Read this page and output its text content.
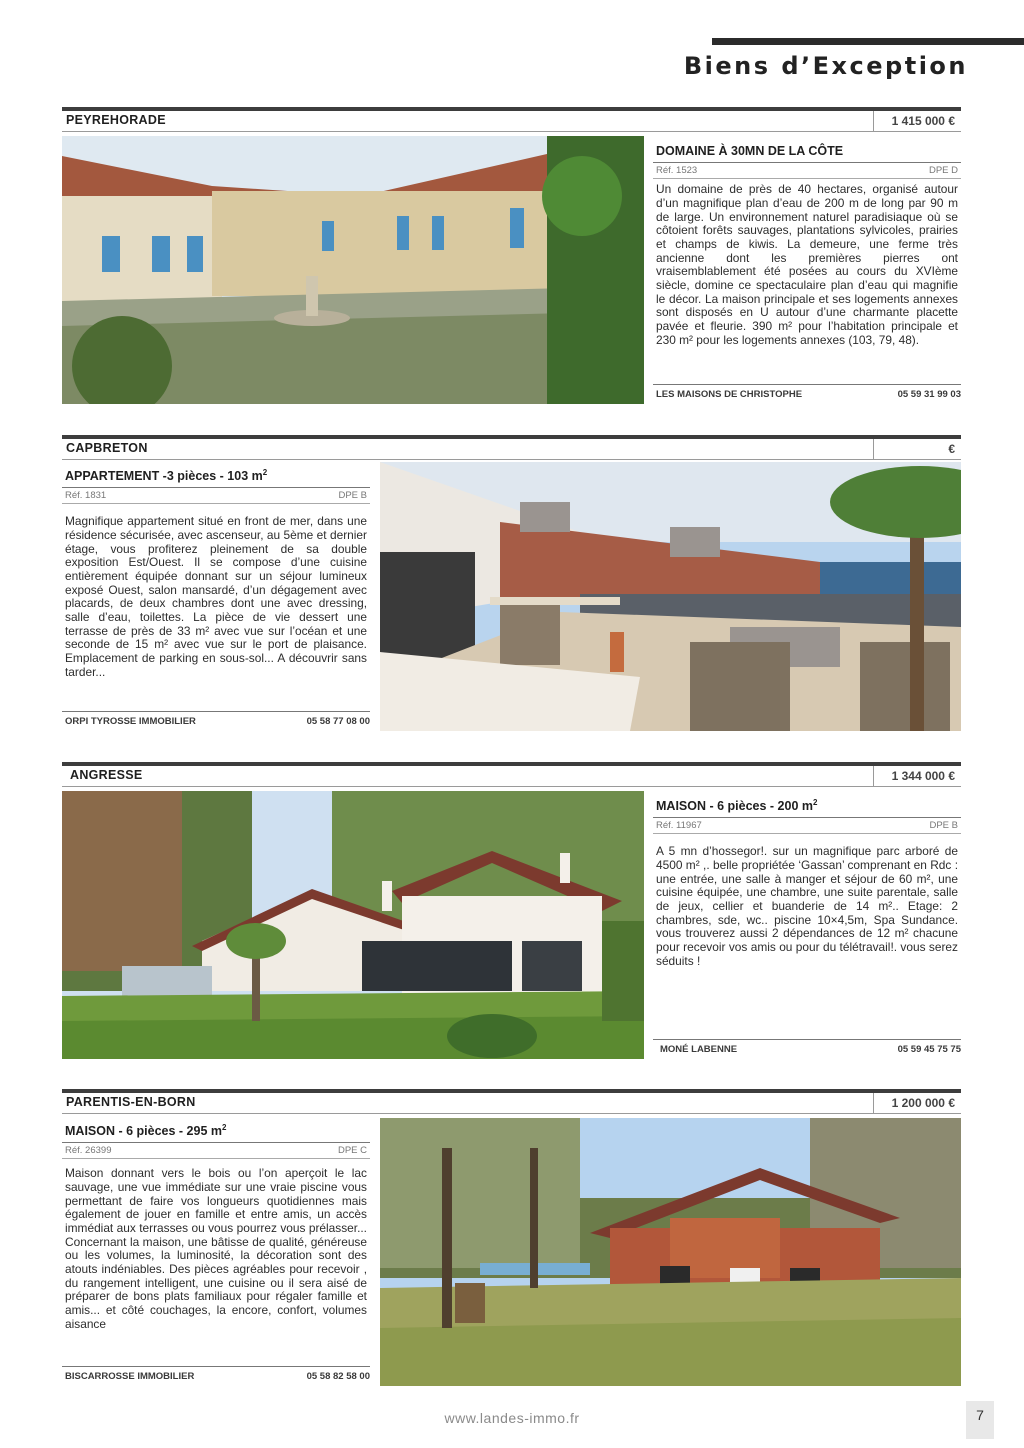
Biens d’Exception
PEYREHORADE	1 415 000 €
DOMAINE À 30MN DE LA CÔTE
Réf. 1523	DPE D
Un domaine de près de 40 hectares, organisé autour d’un magnifique plan d’eau de 200 m de long par 90 m de large. Un environnement naturel paradisiaque où se côtoient forêts sauvages, plantations sylvicoles, prairies et champs de kiwis. La demeure, une ferme très ancienne dont les premières pierres ont vraisemblablement été posées au cours du XVIème siècle, domine ce spectaculaire plan d’eau qui magnifie le décor. La maison principale et ses logements annexes sont disposés en U autour d’une charmante placette pavée et fleurie. 390 m² pour l’habitation principale et 230 m² pour les logements annexes (103, 79, 48).
LES MAISONS DE CHRISTOPHE	05 59 31 99 03
CAPBRETON	€
APPARTEMENT -3 pièces - 103 $m^2$
Réf. 1831	DPE B
Magnifique appartement situé en front de mer, dans une résidence sécurisée, avec ascenseur, au 5ème et dernier étage, vous profiterez pleinement de sa double exposition Est/Ouest. Il se compose d’une cuisine entièrement équipée donnant sur un séjour lumineux exposé Ouest, salon mansardé, d’un dégagement avec placards, de deux chambres dont une avec dressing, salle d’eau, toilettes. La pièce de vie dessert une terrasse de près de 33 m² avec vue sur l’océan et une seconde de 15 m² avec vue sur le port de plaisance. Emplacement de parking en sous-sol... A découvrir sans tarder...
ORPI TYROSSE IMMOBILIER	05 58 77 08 00
ANGRESSE	1 344 000 €
MAISON - 6 pièces - 200 $m^2$
Réf. 11967	DPE B
A 5 mn d’hossegor!. sur un magnifique parc arboré de 4500 m² ,. belle propriétée ‘Gassan’ comprenant en Rdc : une entrée, une salle à manger et séjour de 60 m², une cuisine équipée, une chambre, une suite parentale, salle de jeux, cellier et buanderie de 14 m².. Etage: 2 chambres, sde, wc.. piscine 10×4,5m, Spa Sundance. vous trouverez aussi 2 dépendances de 12 m² chacune pour recevoir vos amis ou pour du télétravail!. vous serez séduits !
MONÉ LABENNE	05 59 45 75 75
PARENTIS-EN-BORN	1 200 000 €
MAISON - 6 pièces - 295 $m^2$
Réf. 26399	DPE C
Maison donnant vers le bois ou l’on aperçoit le lac sauvage, une vue immédiate sur une vraie piscine vous permettant de faire vos longueurs quotidiennes mais également de jouer en famille et entre amis, un accès immédiat aux terrasses ou vous pourrez vous prélasser... Concernant la maison, une bâtisse de qualité, généreuse ou les volumes, la luminosité, la décoration sont des atouts indéniables. Des pièces agréables pour recevoir , du rangement intelligent, une cuisine ou il sera aisé de préparer de bons plats familiaux pour régaler famille et amis... et côté couchages, la encore, confort, volumes aisance
BISCARROSSE IMMOBILIER	05 58 82 58 00
www.landes-immo.fr	7
